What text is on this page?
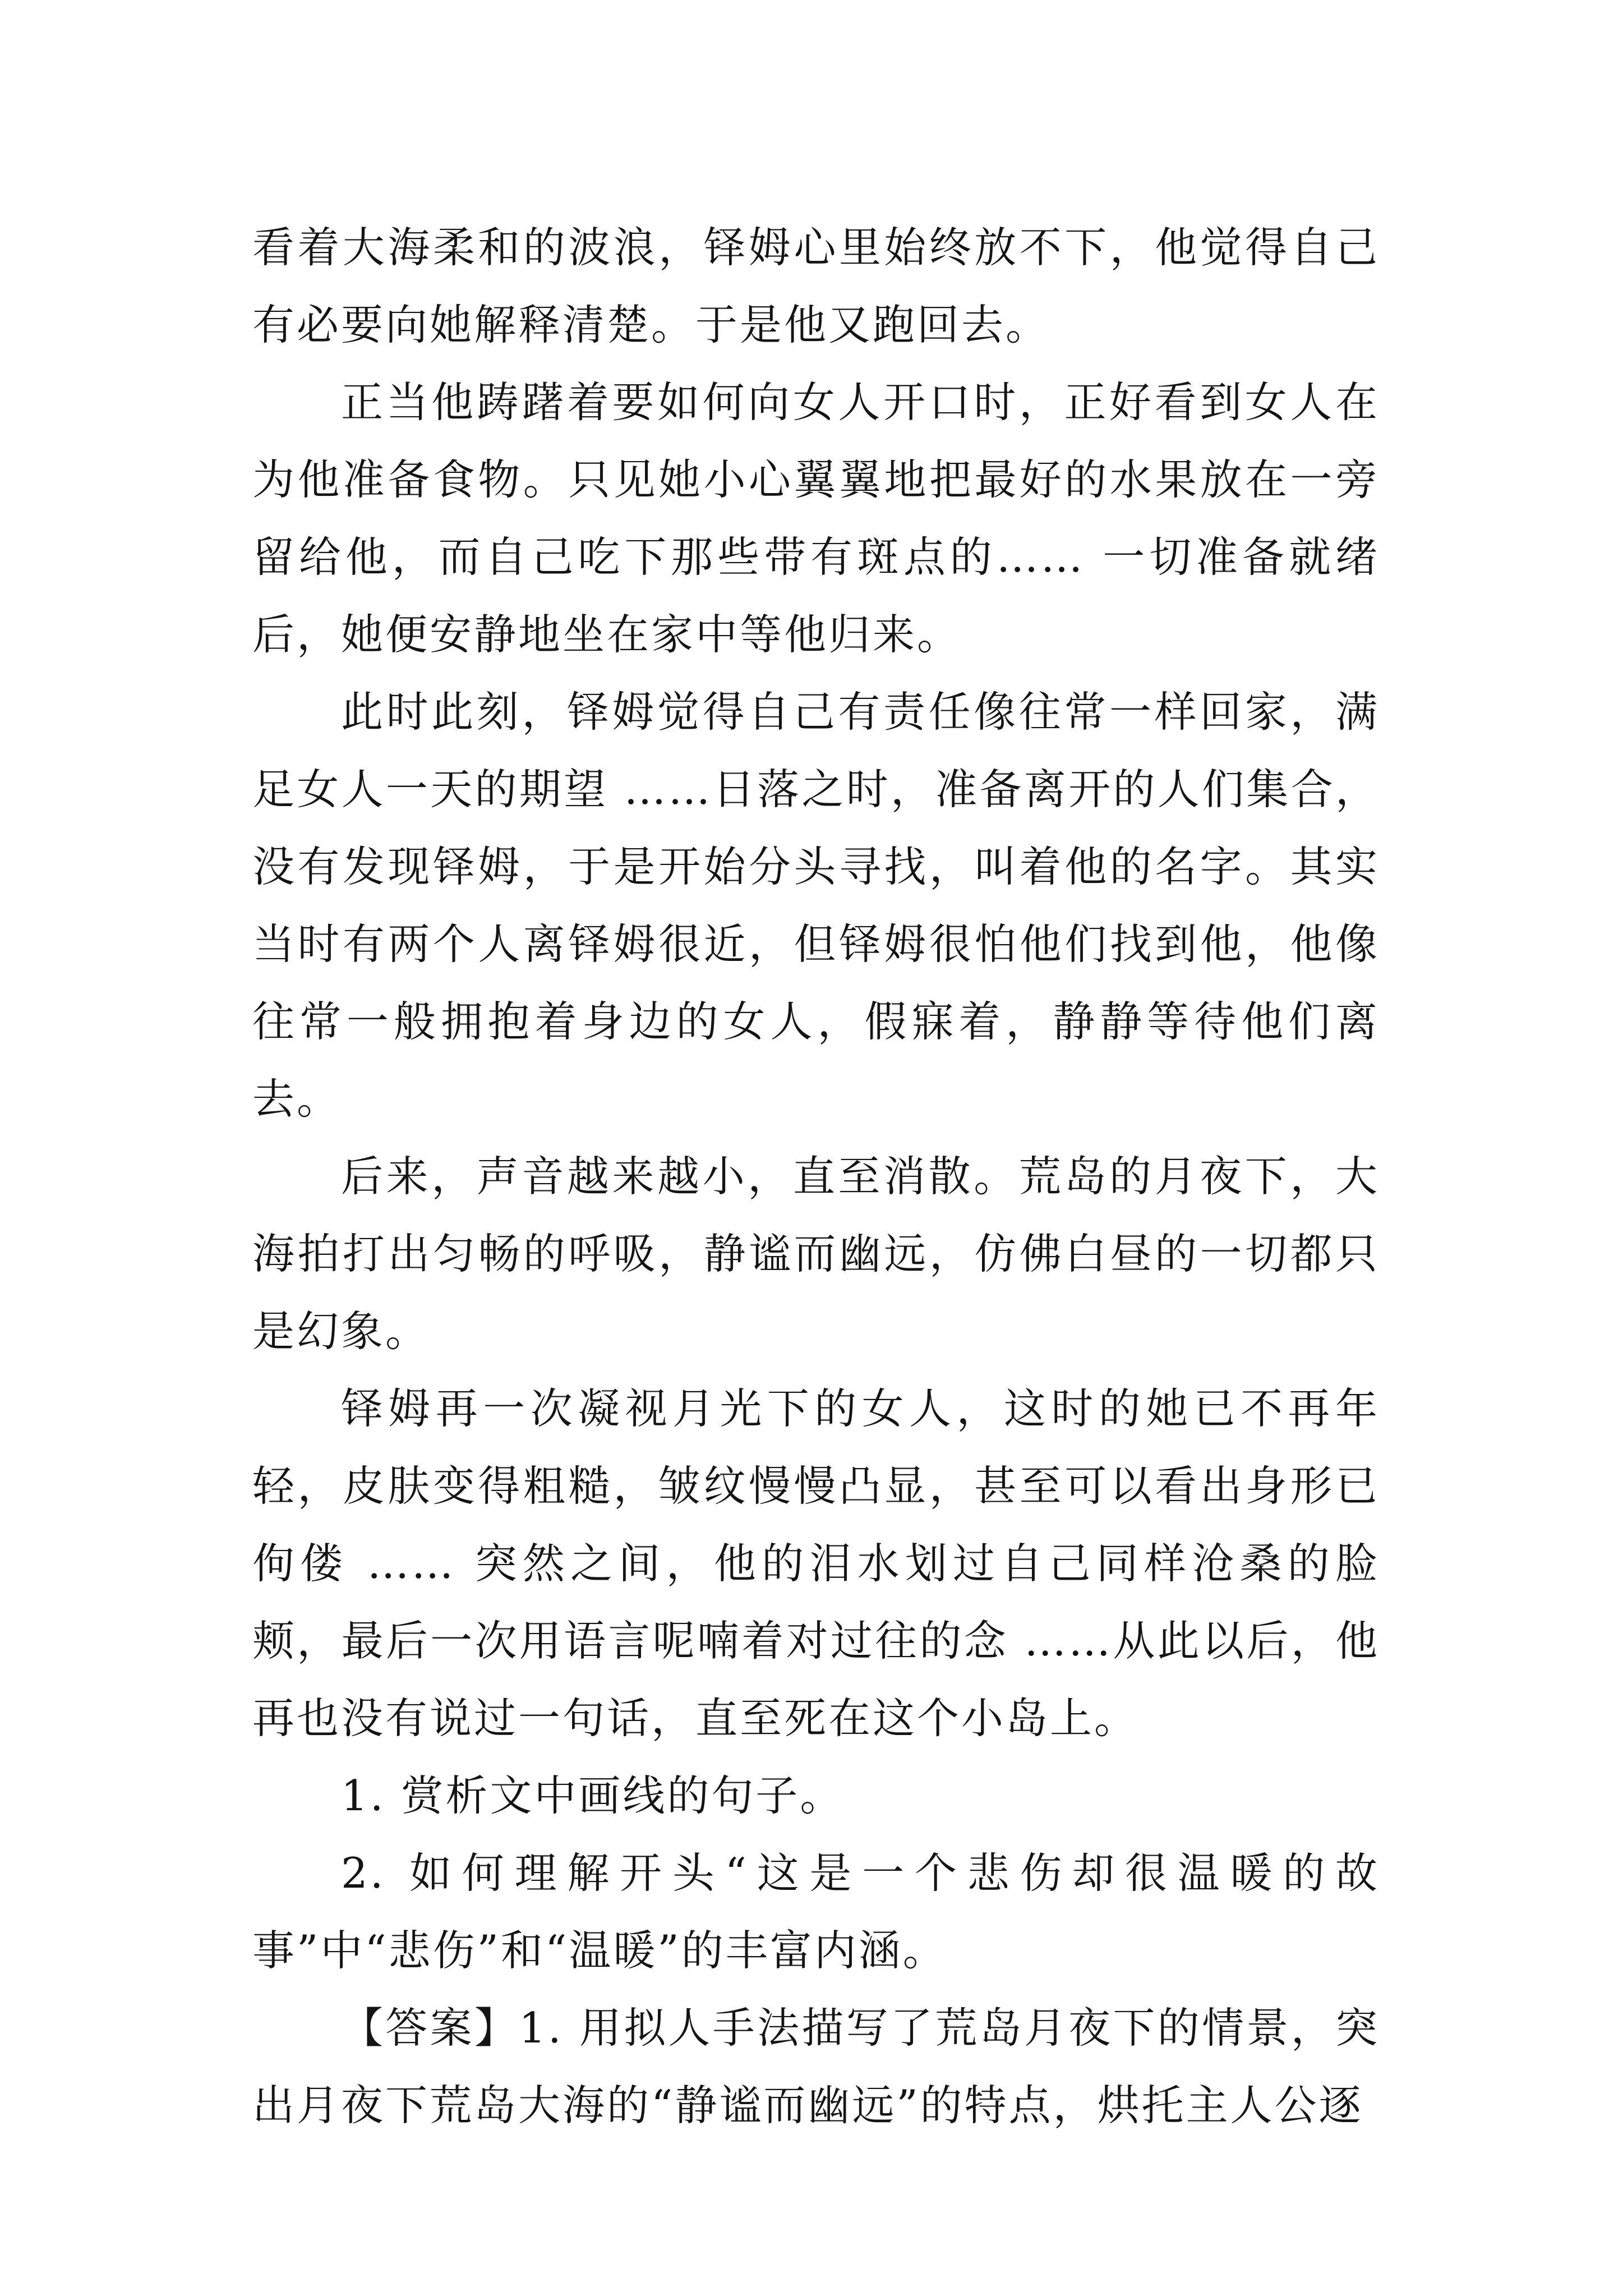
看着大海柔和的波浪，铎姆心里始终放不下，他觉得自己有必要向她解释清楚。于是他又跑回去。

正当他踌躇着要如何向女人开口时，正好看到女人在为他准备食物。只见她小心翼翼地把最好的水果放在一旁留给他，而自己吃下那些带有斑点的…… 一切准备就绪后，她便安静地坐在家中等他归来。

此时此刻，铎姆觉得自己有责任像往常一样回家，满足女人一天的期望 ……日落之时，准备离开的人们集合，没有发现铎姆，于是开始分头寻找，叫着他的名字。其实当时有两个人离铎姆很近，但铎姆很怕他们找到他，他像往常一般拥抱着身边的女人，假寐着，静静等待他们离去。

后来，声音越来越小，直至消散。荒岛的月夜下，大海拍打出匀畅的呼吸，静谧而幽远，仿佛白昼的一切都只是幻象。

铎姆再一次凝视月光下的女人，这时的她已不再年轻，皮肤变得粗糙，皱纹慢慢凸显，甚至可以看出身形已佝偻 …… 突然之间，他的泪水划过自己同样沧桑的脸颊，最后一次用语言呢喃着对过往的念 ……从此以后，他再也没有说过一句话，直至死在这个小岛上。

1. 赏析文中画线的句子。

2. 如何理解开头“这是一个悲伤却很温暖的故事”中“悲伤”和“温暖”的丰富内涵。

【答案】1. 用拟人手法描写了荒岛月夜下的情景，突出月夜下荒岛大海的“静谧而幽远”的特点，烘托主人公逐
